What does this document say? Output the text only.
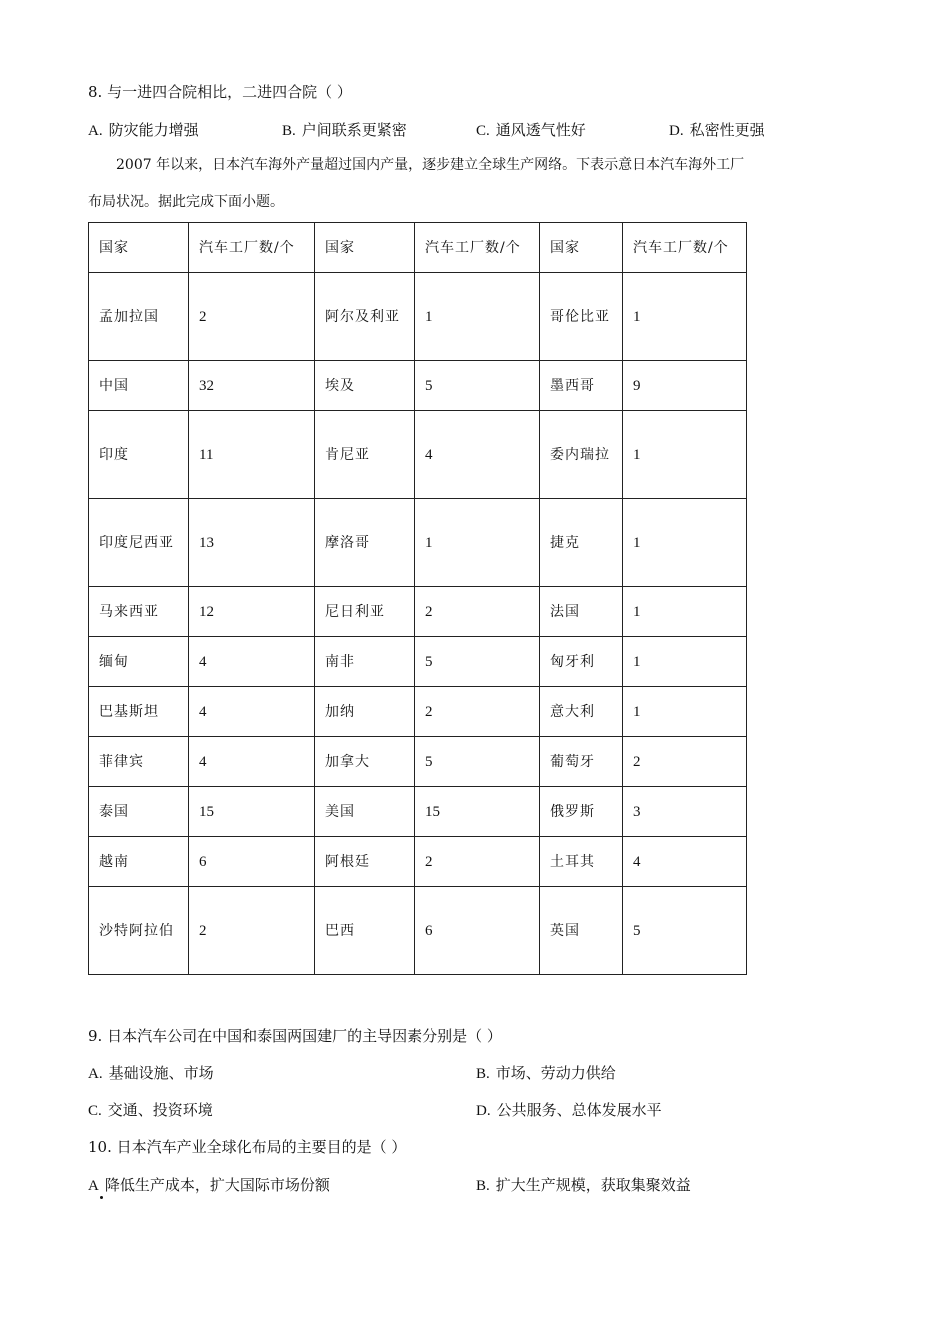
8. 与一进四合院相比，二进四合院（ ）
A. 防灾能力增强	B. 户间联系更紧密	C. 通风透气性好	D. 私密性更强
2007 年以来，日本汽车海外产量超过国内产量，逐步建立全球生产网络。下表示意日本汽车海外工厂
布局状况。据此完成下面小题。
国家	汽车工厂数/个	国家	汽车工厂数/个	国家	汽车工厂数/个
孟加拉国	2	阿尔及利亚	1	哥伦比亚	1
中国	32	埃及	5	墨西哥	9
印度	11	肯尼亚	4	委内瑞拉	1
印度尼西亚	13	摩洛哥	1	捷克	1
马来西亚	12	尼日利亚	2	法国	1
缅甸	4	南非	5	匈牙利	1
巴基斯坦	4	加纳	2	意大利	1
菲律宾	4	加拿大	5	葡萄牙	2
泰国	15	美国	15	俄罗斯	3
越南	6	阿根廷	2	土耳其	4
沙特阿拉伯	2	巴西	6	英国	5
9. 日本汽车公司在中国和泰国两国建厂的主导因素分别是（ ）
A. 基础设施、市场	B. 市场、劳动力供给
C. 交通、投资环境	D. 公共服务、总体发展水平
10. 日本汽车产业全球化布局的主要目的是（ ）
A 降低生产成本，扩大国际市场份额	B. 扩大生产规模，获取集聚效益
